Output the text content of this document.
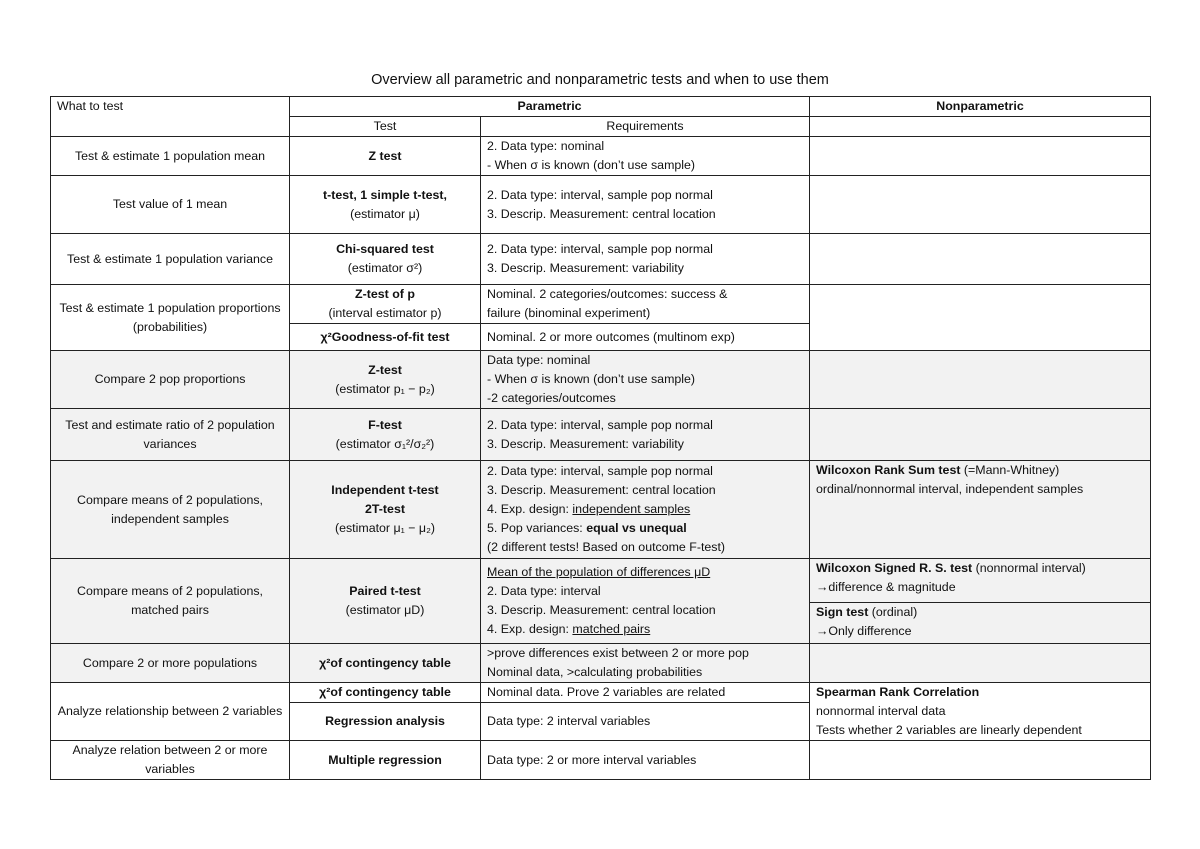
Overview all parametric and nonparametric tests and when to use them
What to test	Parametric		Nonparametric
	Test	Requirements	
Test & estimate 1 population mean	Z test	2. Data type: nominal
- When σ is known (don’t use sample)	

Test value of 1 mean	t-test, 1 simple t-test,
(estimator μ)	2. Data type: interval, sample pop normal
3. Descrip. Measurement: central location	

Test & estimate 1 population variance	Chi-squared test
(estimator σ²)	2. Data type: interval, sample pop normal
3. Descrip. Measurement: variability	

Test & estimate 1 population proportions (probabilities)	Z-test of p
(interval estimator p)	Nominal. 2 categories/outcomes: success &
failure (binominal experiment)	

	χ²Goodness-of-fit test	Nominal. 2 or more outcomes (multinom exp)	
Compare 2 pop proportions	Z-test
(estimator p₁ − p₂)	Data type: nominal
- When σ is known (don’t use sample)
-2 categories/outcomes	

Test and estimate ratio of 2 population variances	F-test
(estimator σ₁²/σ₂²)	2. Data type: interval, sample pop normal
3. Descrip. Measurement: variability	

Compare means of 2 populations, independent samples	Independent t-test
2T-test
(estimator μ₁ − μ₂)	2. Data type: interval, sample pop normal
3. Descrip. Measurement: central location
4. Exp. design: independent samples
5. Pop variances: equal vs unequal
(2 different tests! Based on outcome F-test)	Wilcoxon Rank Sum test (=Mann-Whitney)
ordinal/nonnormal interval, independent samples

Compare means of 2 populations, matched pairs	Paired t-test
(estimator μD)	Mean of the population of differences μD
2. Data type: interval
3. Descrip. Measurement: central location
4. Exp. design: matched pairs	Wilcoxon Signed R. S. test (nonnormal interval)
→difference & magnitude
Sign test (ordinal)
→Only difference

Compare 2 or more populations	χ²of contingency table	>prove differences exist between 2 or more pop
Nominal data, >calculating probabilities	

Analyze relationship between 2 variables	χ²of contingency table	Nominal data. Prove 2 variables are related	Spearman Rank Correlation
nonnormal interval data
Tests whether 2 variables are linearly dependent

	Regression analysis	Data type: 2 interval variables	
Analyze relation between 2 or more variables	Multiple regression	Data type: 2 or more interval variables	
